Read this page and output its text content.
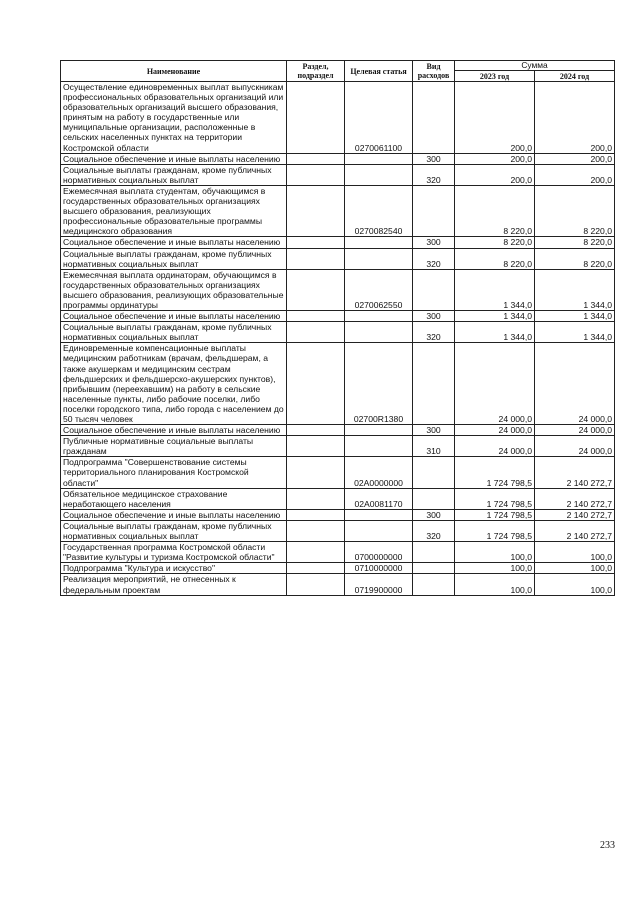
Наименование	Раздел, подраздел	Целевая статья	Вид расходов	Сумма	
				2023 год	2024 год
Осуществление единовременных выплат выпускникам профессиональных образовательных организаций или образовательных организаций высшего образования, принятым на работу в государственные или муниципальные организации, расположенные в сельских населенных пунктах на территории Костромской области		0270061100		200,0	200,0
Социальное обеспечение и иные выплаты населению			300	200,0	200,0
Социальные выплаты гражданам, кроме публичных нормативных социальных выплат			320	200,0	200,0
Ежемесячная выплата студентам, обучающимся в государственных образовательных организациях высшего образования, реализующих профессиональные образовательные программы медицинского образования		0270082540		8 220,0	8 220,0
Социальное обеспечение и иные выплаты населению			300	8 220,0	8 220,0
Социальные выплаты гражданам, кроме публичных нормативных социальных выплат			320	8 220,0	8 220,0
Ежемесячная выплата ординаторам, обучающимся в государственных образовательных организациях высшего образования, реализующих образовательные программы ординатуры		0270062550		1 344,0	1 344,0
Социальное обеспечение и иные выплаты населению			300	1 344,0	1 344,0
Социальные выплаты гражданам, кроме публичных нормативных социальных выплат			320	1 344,0	1 344,0
Единовременные компенсационные выплаты медицинским работникам (врачам, фельдшерам, а также акушеркам и медицинским сестрам фельдшерских и фельдшерско-акушерских пунктов), прибывшим (переехавшим) на работу в сельские населенные пункты, либо рабочие поселки, либо поселки городского типа, либо города с населением до 50 тысяч человек		02700R1380		24 000,0	24 000,0
Социальное обеспечение и иные выплаты населению			300	24 000,0	24 000,0
Публичные нормативные социальные выплаты гражданам			310	24 000,0	24 000,0
Подпрограмма "Совершенствование системы территориального планирования Костромской области"		02А0000000		1 724 798,5	2 140 272,7
Обязательное медицинское страхование неработающего населения		02А0081170		1 724 798,5	2 140 272,7
Социальное обеспечение и иные выплаты населению			300	1 724 798,5	2 140 272,7
Социальные выплаты гражданам, кроме публичных нормативных социальных выплат			320	1 724 798,5	2 140 272,7
Государственная программа Костромской области "Развитие культуры и туризма Костромской области"		0700000000		100,0	100,0
Подпрограмма "Культура и искусство"		0710000000		100,0	100,0
Реализация мероприятий, не отнесенных к федеральным проектам		0719900000		100,0	100,0
233
